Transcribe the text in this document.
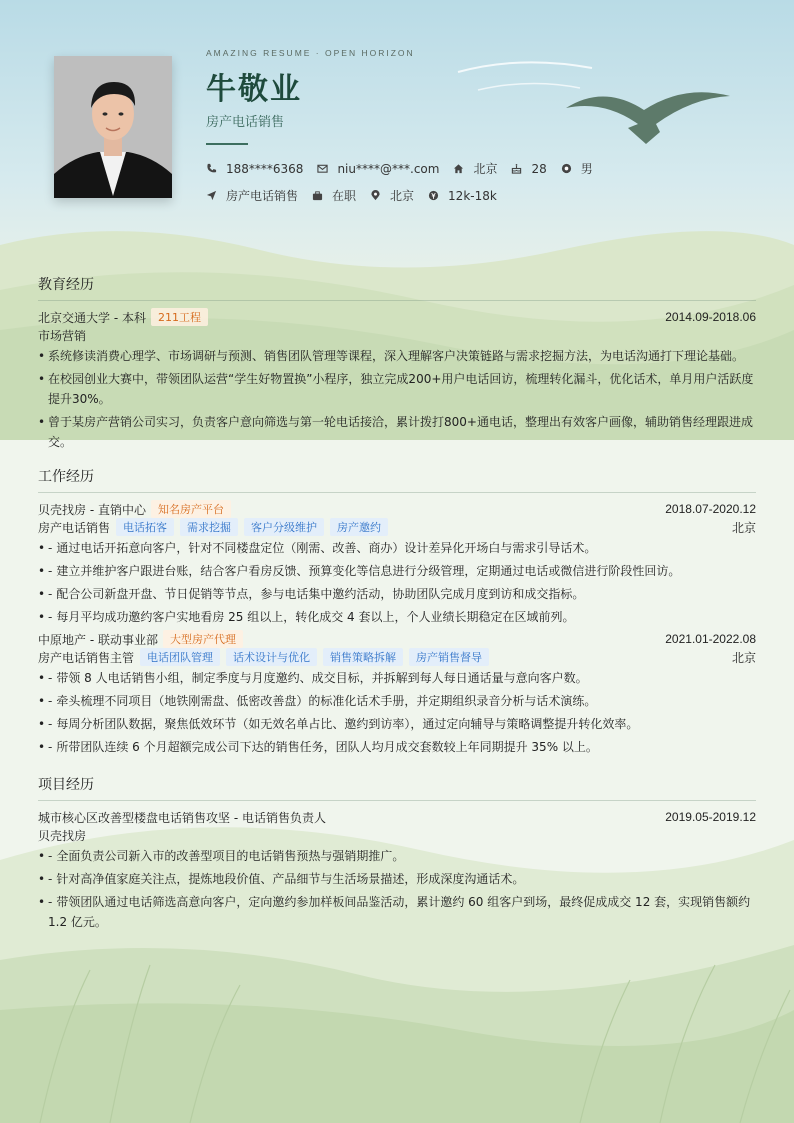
AMAZING RESUME · OPEN HORIZON
牛敬业
房产电话销售
188****6368	niu****@***.com	北京	28	男
房产电话销售	在职	北京	12k-18k
教育经历
北京交通大学 - 本科	211工程	2014.09-2018.06
市场营销
• 系统修读消费心理学、市场调研与预测、销售团队管理等课程，深入理解客户决策链路与需求挖掘方法，为电话沟通打下理论基础。
• 在校园创业大赛中，带领团队运营“学生好物置换”小程序，独立完成200+用户电话回访，梳理转化漏斗，优化话术，单月用户活跃度提升30%。
• 曾于某房产营销公司实习，负责客户意向筛选与第一轮电话接洽，累计拨打800+通电话，整理出有效客户画像，辅助销售经理跟进成交。
工作经历
贝壳找房 - 直销中心	知名房产平台	2018.07-2020.12
房产电话销售	电话拓客	需求挖掘	客户分级维护	房产邀约	北京
• - 通过电话开拓意向客户，针对不同楼盘定位（刚需、改善、商办）设计差异化开场白与需求引导话术。
• - 建立并维护客户跟进台账，结合客户看房反馈、预算变化等信息进行分级管理，定期通过电话或微信进行阶段性回访。
• - 配合公司新盘开盘、节日促销等节点，参与电话集中邀约活动，协助团队完成月度到访和成交指标。
• - 每月平均成功邀约客户实地看房 25 组以上，转化成交 4 套以上，个人业绩长期稳定在区域前列。
中原地产 - 联动事业部	大型房产代理	2021.01-2022.08
房产电话销售主管	电话团队管理	话术设计与优化	销售策略拆解	房产销售督导	北京
• - 带领 8 人电话销售小组，制定季度与月度邀约、成交目标，并拆解到每人每日通话量与意向客户数。
• - 牵头梳理不同项目（地铁刚需盘、低密改善盘）的标准化话术手册，并定期组织录音分析与话术演练。
• - 每周分析团队数据，聚焦低效环节（如无效名单占比、邀约到访率），通过定向辅导与策略调整提升转化效率。
• - 所带团队连续 6 个月超额完成公司下达的销售任务，团队人均月成交套数较上年同期提升 35% 以上。
项目经历
城市核心区改善型楼盘电话销售攻坚 - 电话销售负责人	2019.05-2019.12
贝壳找房
• - 全面负责公司新入市的改善型项目的电话销售预热与强销期推广。
• - 针对高净值家庭关注点，提炼地段价值、产品细节与生活场景描述，形成深度沟通话术。
• - 带领团队通过电话筛选高意向客户，定向邀约参加样板间品鉴活动，累计邀约 60 组客户到场，最终促成成交 12 套，实现销售额约 1.2 亿元。
